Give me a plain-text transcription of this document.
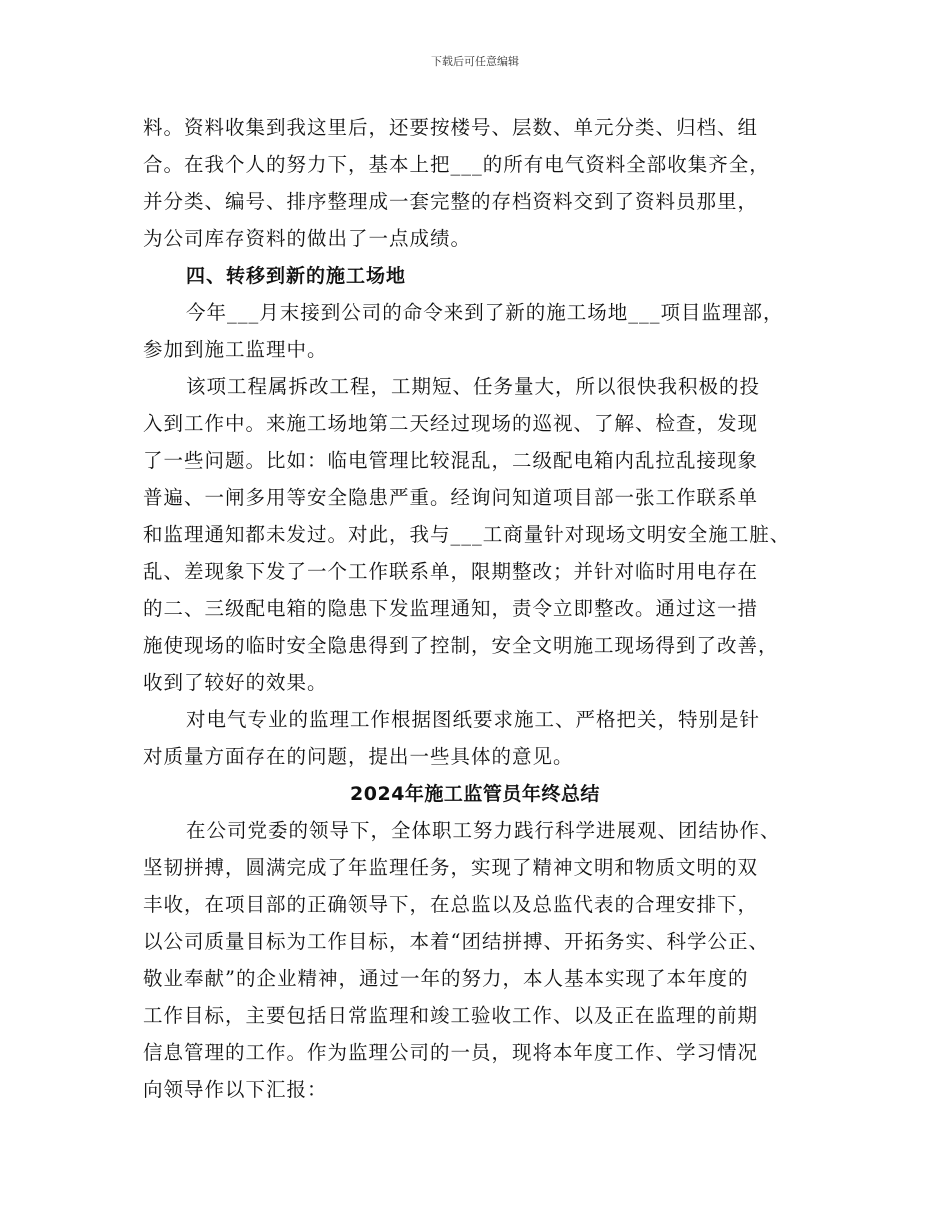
下载后可任意编辑
料。资料收集到我这里后，还要按楼号、层数、单元分类、归档、组
合。在我个人的努力下，基本上把___的所有电气资料全部收集齐全，
并分类、编号、排序整理成一套完整的存档资料交到了资料员那里，
为公司库存资料的做出了一点成绩。
四、转移到新的施工场地
今年___月末接到公司的命令来到了新的施工场地___项目监理部，
参加到施工监理中。
该项工程属拆改工程，工期短、任务量大，所以很快我积极的投
入到工作中。来施工场地第二天经过现场的巡视、了解、检查，发现
了一些问题。比如：临电管理比较混乱，二级配电箱内乱拉乱接现象
普遍、一闸多用等安全隐患严重。经询问知道项目部一张工作联系单
和监理通知都未发过。对此，我与___工商量针对现场文明安全施工脏、
乱、差现象下发了一个工作联系单，限期整改；并针对临时用电存在
的二、三级配电箱的隐患下发监理通知，责令立即整改。通过这一措
施使现场的临时安全隐患得到了控制，安全文明施工现场得到了改善，
收到了较好的效果。
对电气专业的监理工作根据图纸要求施工、严格把关，特别是针
对质量方面存在的问题，提出一些具体的意见。
2024年施工监管员年终总结
在公司党委的领导下，全体职工努力践行科学进展观、团结协作、
坚韧拼搏，圆满完成了年监理任务，实现了精神文明和物质文明的双
丰收，在项目部的正确领导下，在总监以及总监代表的合理安排下，
以公司质量目标为工作目标，本着“团结拼搏、开拓务实、科学公正、
敬业奉献”的企业精神，通过一年的努力，本人基本实现了本年度的
工作目标，主要包括日常监理和竣工验收工作、以及正在监理的前期
信息管理的工作。作为监理公司的一员，现将本年度工作、学习情况
向领导作以下汇报：
